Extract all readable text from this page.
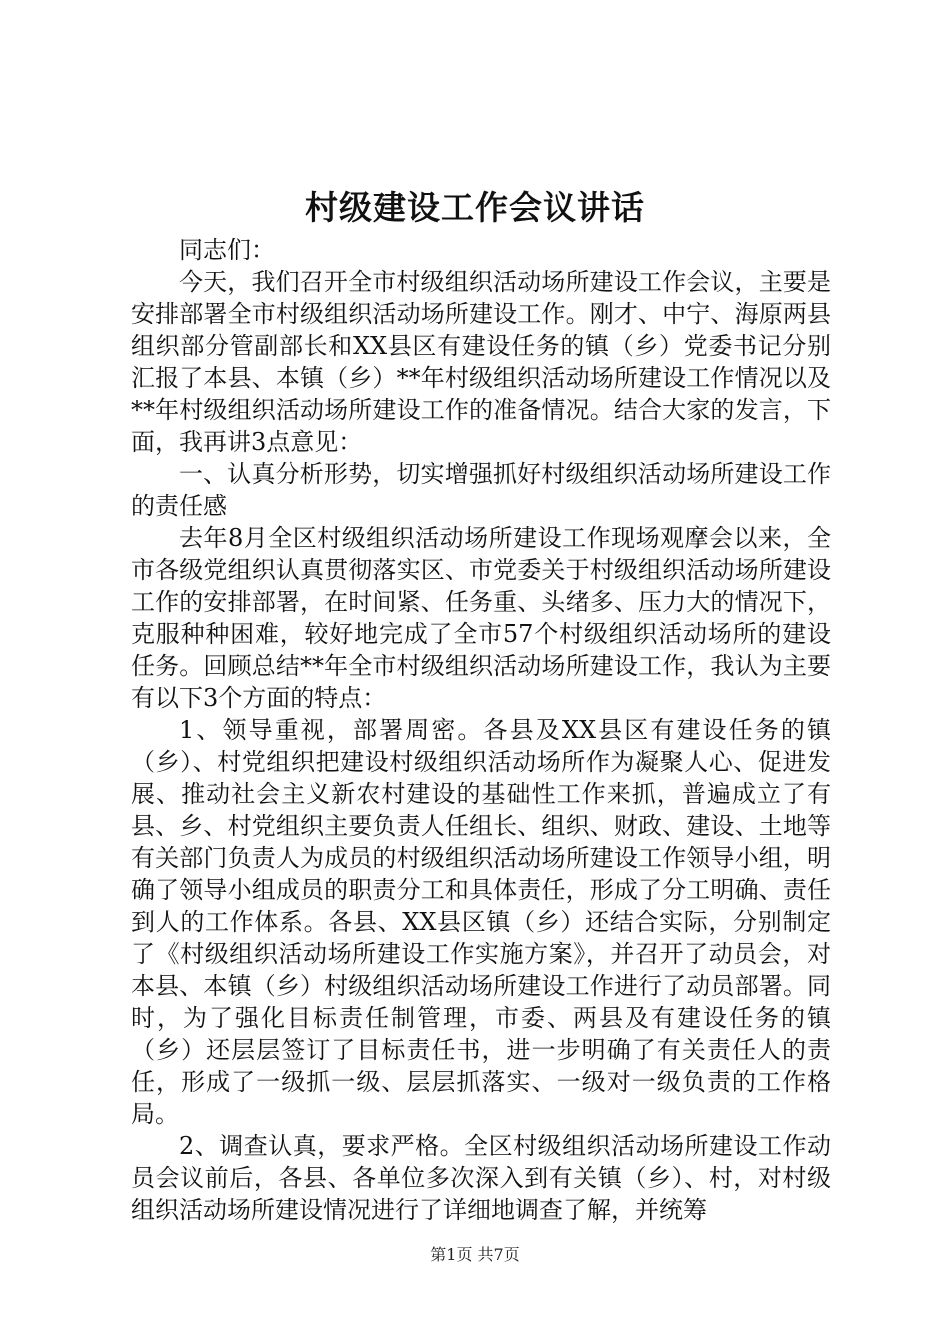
村级建设工作会议讲话

同志们：

今天，我们召开全市村级组织活动场所建设工作会议，主要是安排部署全市村级组织活动场所建设工作。刚才、中宁、海原两县组织部分管副部长和XX县区有建设任务的镇（乡）党委书记分别汇报了本县、本镇（乡）**年村级组织活动场所建设工作情况以及**年村级组织活动场所建设工作的准备情况。结合大家的发言，下面，我再讲3点意见：

一、认真分析形势，切实增强抓好村级组织活动场所建设工作的责任感

去年8月全区村级组织活动场所建设工作现场观摩会以来，全市各级党组织认真贯彻落实区、市党委关于村级组织活动场所建设工作的安排部署，在时间紧、任务重、头绪多、压力大的情况下，克服种种困难，较好地完成了全市57个村级组织活动场所的建设任务。回顾总结**年全市村级组织活动场所建设工作，我认为主要有以下3个方面的特点：

1、领导重视，部署周密。各县及XX县区有建设任务的镇（乡）、村党组织把建设村级组织活动场所作为凝聚人心、促进发展、推动社会主义新农村建设的基础性工作来抓，普遍成立了有县、乡、村党组织主要负责人任组长、组织、财政、建设、土地等有关部门负责人为成员的村级组织活动场所建设工作领导小组，明确了领导小组成员的职责分工和具体责任，形成了分工明确、责任到人的工作体系。各县、XX县区镇（乡）还结合实际，分别制定了《村级组织活动场所建设工作实施方案》，并召开了动员会，对本县、本镇（乡）村级组织活动场所建设工作进行了动员部署。同时，为了强化目标责任制管理，市委、两县及有建设任务的镇（乡）还层层签订了目标责任书，进一步明确了有关责任人的责任，形成了一级抓一级、层层抓落实、一级对一级负责的工作格局。

2、调查认真，要求严格。全区村级组织活动场所建设工作动员会议前后，各县、各单位多次深入到有关镇（乡）、村，对村级组织活动场所建设情况进行了详细地调查了解，并统筹

第1页 共7页
